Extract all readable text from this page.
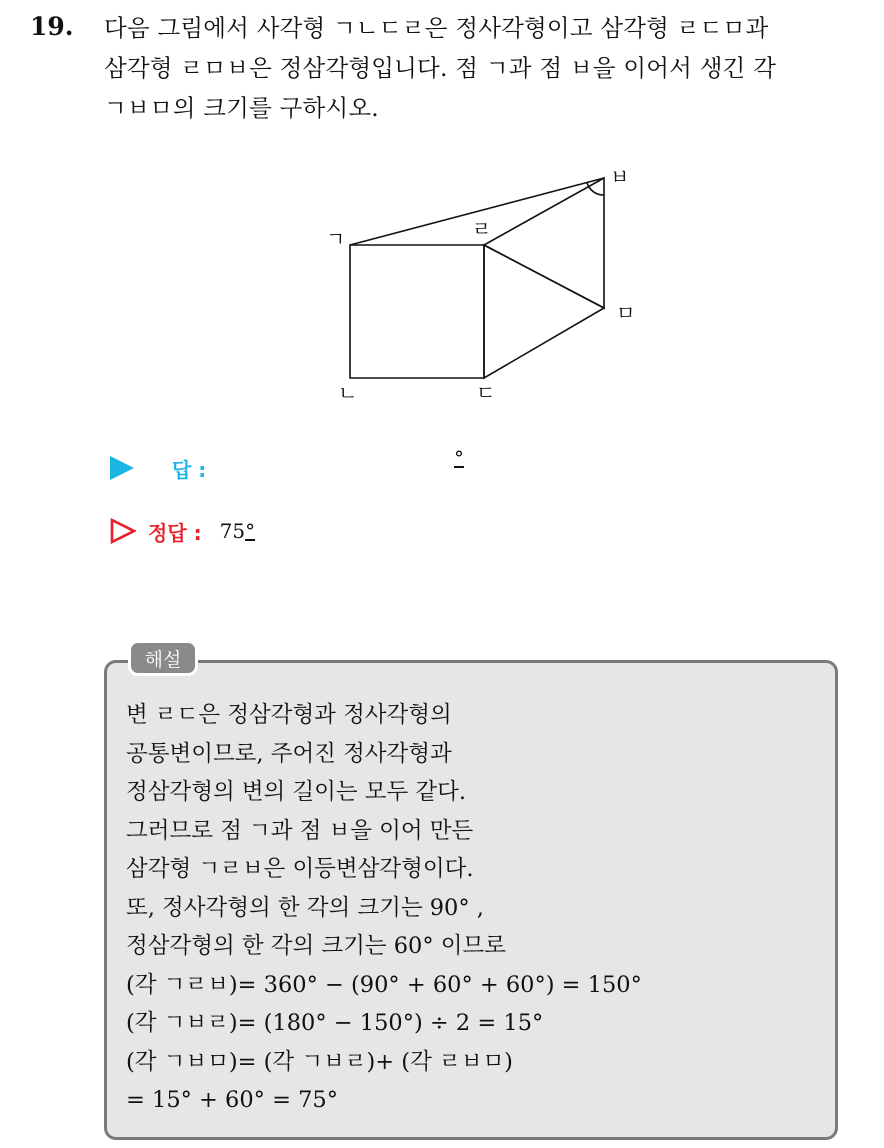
19. 다음 그림에서 사각형 ㄱㄴㄷㄹ은 정사각형이고 삼각형 ㄹㄷㅁ과
삼각형 ㄹㅁㅂ은 정삼각형입니다. 점 ㄱ과 점 ㅂ을 이어서 생긴 각
ㄱㅂㅁ의 크기를 구하시오.
ㄱ
ㄴ	ㄷ
ㄹ
ㅁ
ㅂ
답 :	°
정답 : 75°
해설
변 ㄹㄷ은 정삼각형과 정사각형의
공통변이므로, 주어진 정사각형과
정삼각형의 변의 길이는 모두 같다.
그러므로 점 ㄱ과 점 ㅂ을 이어 만든
삼각형 ㄱㄹㅂ은 이등변삼각형이다.
또, 정사각형의 한 각의 크기는 90° ,
정삼각형의 한 각의 크기는 60° 이므로
(각 ㄱㄹㅂ)= 360° − (90° + 60° + 60°) = 150°
(각 ㄱㅂㄹ)= (180° − 150°) ÷ 2 = 15°
(각 ㄱㅂㅁ)= (각 ㄱㅂㄹ)+ (각 ㄹㅂㅁ)
= 15° + 60° = 75°
